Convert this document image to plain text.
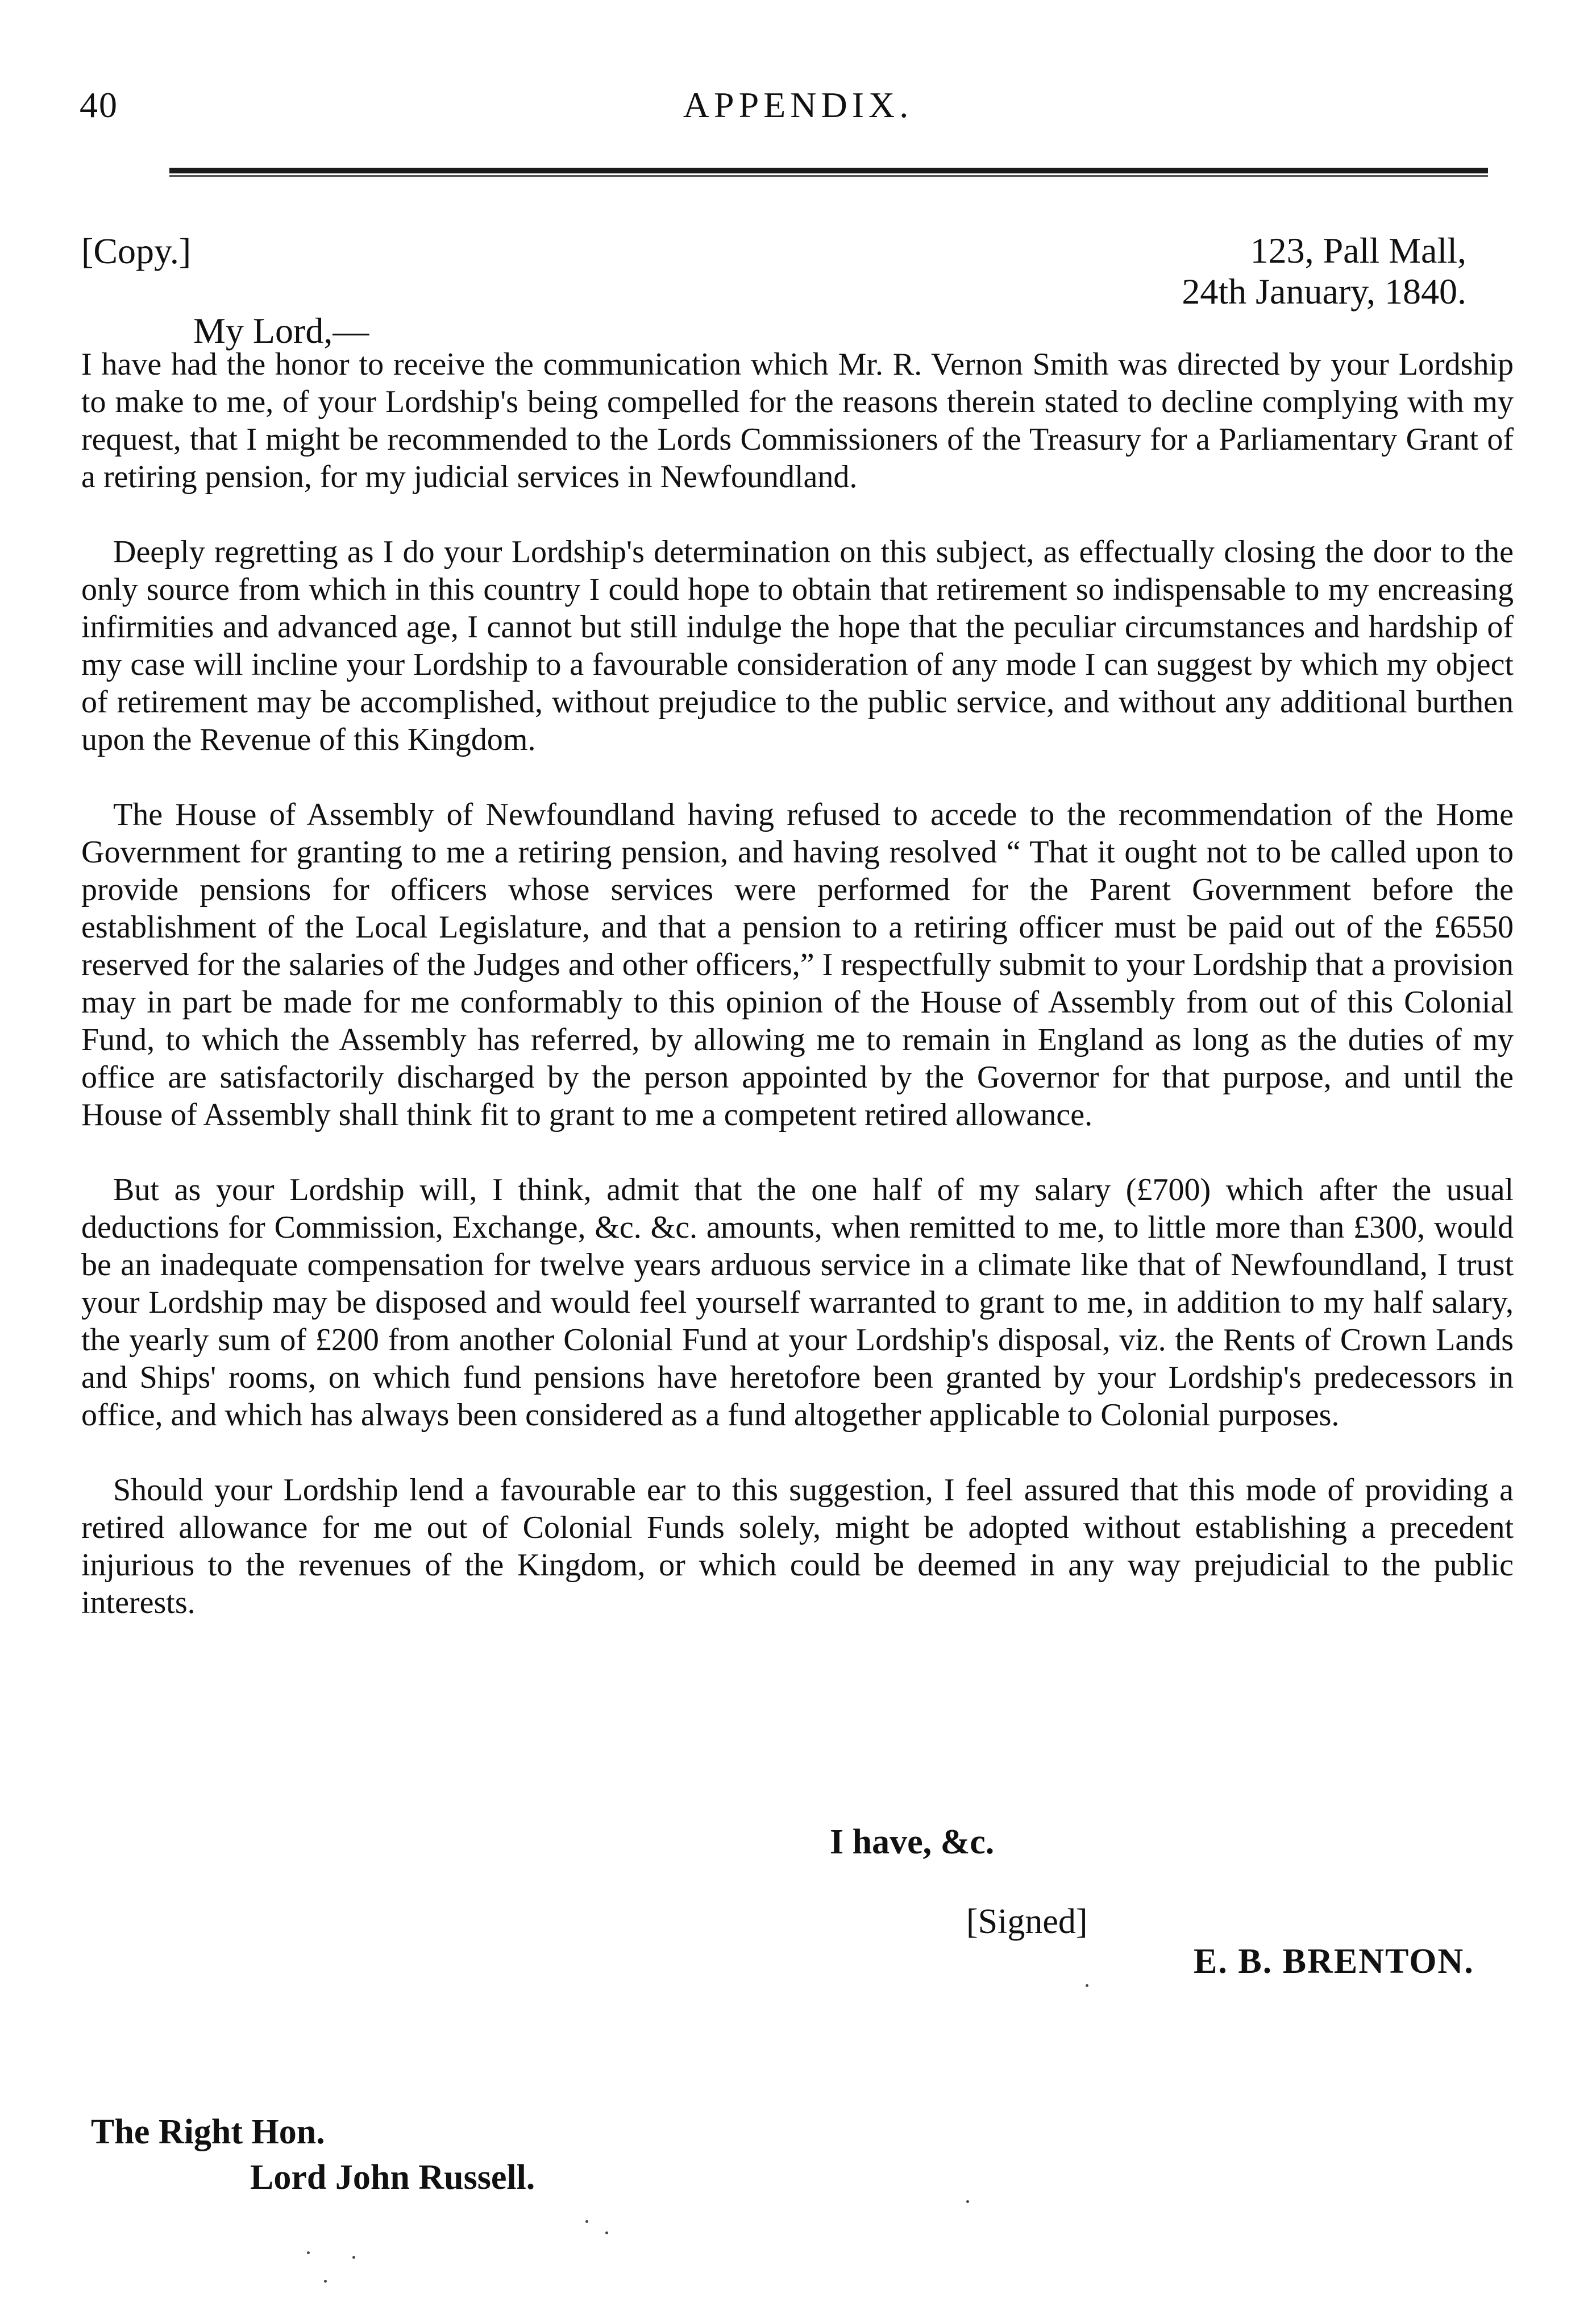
40	APPENDIX.
[Copy.]	123, Pall Mall,
24th January, 1840.
My Lord,—

I have had the honor to receive the communication which Mr. R. Vernon Smith was directed by your Lordship to make to me, of your Lordship's being compelled for the reasons therein stated to decline complying with my request, that I might be recommended to the Lords Commissioners of the Treasury for a Parliamentary Grant of a retiring pension, for my judicial services in Newfoundland.

Deeply regretting as I do your Lordship's determination on this subject, as effectually closing the door to the only source from which in this country I could hope to obtain that retirement so indispensable to my encreasing infirmities and advanced age, I cannot but still indulge the hope that the peculiar circumstances and hardship of my case will incline your Lordship to a favourable consideration of any mode I can suggest by which my object of retirement may be accomplished, without prejudice to the public service, and without any additional burthen upon the Revenue of this Kingdom.

The House of Assembly of Newfoundland having refused to accede to the recommendation of the Home Government for granting to me a retiring pension, and having resolved “ That it ought not to be called upon to provide pensions for officers whose services were performed for the Parent Government before the establishment of the Local Legislature, and that a pension to a retiring officer must be paid out of the £6550 reserved for the salaries of the Judges and other officers,” I respectfully submit to your Lordship that a provision may in part be made for me conformably to this opinion of the House of Assembly from out of this Colonial Fund, to which the Assembly has referred, by allowing me to remain in England as long as the duties of my office are satisfactorily discharged by the person appointed by the Governor for that purpose, and until the House of Assembly shall think fit to grant to me a competent retired allowance.

But as your Lordship will, I think, admit that the one half of my salary (£700) which after the usual deductions for Commission, Exchange, &c. &c. amounts, when remitted to me, to little more than £300, would be an inadequate compensation for twelve years arduous service in a climate like that of Newfoundland, I trust your Lordship may be disposed and would feel yourself warranted to grant to me, in addition to my half salary, the yearly sum of £200 from another Colonial Fund at your Lordship's disposal, viz. the Rents of Crown Lands and Ships' rooms, on which fund pensions have heretofore been granted by your Lordship's predecessors in office, and which has always been considered as a fund altogether applicable to Colonial purposes.

Should your Lordship lend a favourable ear to this suggestion, I feel assured that this mode of providing a retired allowance for me out of Colonial Funds solely, might be adopted without establishing a precedent injurious to the revenues of the Kingdom, or which could be deemed in any way prejudicial to the public interests.

I have, &c.
[Signed]
E. B. BRENTON.
The Right Hon.
Lord John Russell.
